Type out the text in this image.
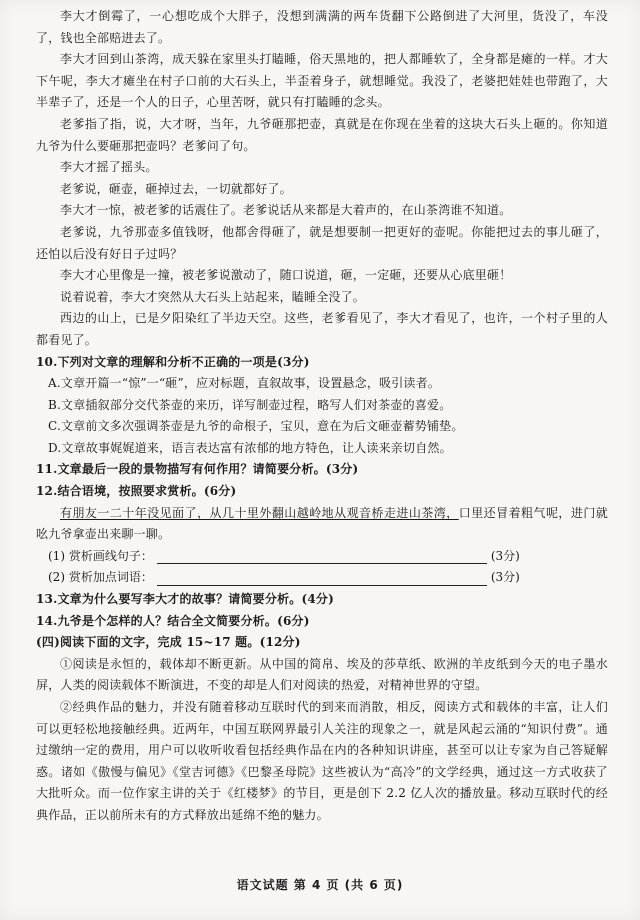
李大才倒霉了，一心想吃成个大胖子，没想到满满的两车货翻下公路倒进了大河里，货没了，车没了，钱也全部赔进去了。

李大才回到山茶湾，成天躲在家里头打瞌睡，俗天黑地的，把人都睡软了，全身都是瘫的一样。才大下午呢，李大才瘫坐在村子口前的大石头上，半歪着身子，就想睡觉。我没了，老婆把娃娃也带跑了，大半辈子了，还是一个人的日子，心里苦呀，就只有打瞌睡的念头。

老爹指了指，说，大才呀，当年，九爷砸那把壶，真就是在你现在坐着的这块大石头上砸的。你知道九爷为什么要砸那把壶吗？老爹问了句。

李大才摇了摇头。

老爹说，砸壶，砸掉过去，一切就都好了。

李大才一惊，被老爹的话震住了。老爹说话从来都是大着声的，在山茶湾谁不知道。

老爹说，九爷那壶多值钱呀，他都舍得砸了，就是想要制一把更好的壶呢。你能把过去的事儿砸了，还怕以后没有好日子过吗？

李大才心里像是一撞，被老爹说激动了，随口说道，砸，一定砸，还要从心底里砸！

说着说着，李大才突然从大石头上站起来，瞌睡全没了。

西边的山上，已是夕阳染红了半边天空。这些，老爹看见了，李大才看见了，也许，一个村子里的人都看见了。

10.下列对文章的理解和分析不正确的一项是(3分)

A.文章开篇一“惊”一“砸”，应对标题，直叙故事，设置悬念，吸引读者。

B.文章插叙部分交代茶壶的来历，详写制壶过程，略写人们对茶壶的喜爱。

C.文章前文多次强调茶壶是九爷的命根子，宝贝，意在为后文砸壶蓄势铺垫。

D.文章故事娓娓道来，语言表达富有浓郁的地方特色，让人读来亲切自然。

11.文章最后一段的景物描写有何作用？请简要分析。(3分)

12.结合语境，按照要求赏析。(6分)

有朋友一二十年没见面了，从几十里外翻山越岭地从观音桥走进山茶湾，口里还冒着粗气呢，进门就吆九爷拿壶出来聊一聊。

(1) 赏析画线句子：	(3分)
(2) 赏析加点词语：	(3分)

13.文章为什么要写李大才的故事？请简要分析。(4分)

14.九爷是个怎样的人？结合全文简要分析。(6分)

(四)阅读下面的文字，完成 15~17 题。(12分)

①阅读是永恒的，载体却不断更新。从中国的简帛、埃及的莎草纸、欧洲的羊皮纸到今天的电子墨水屏，人类的阅读载体不断演进，不变的却是人们对阅读的热爱，对精神世界的守望。

②经典作品的魅力，并没有随着移动互联时代的到来而消散，相反，阅读方式和载体的丰富，让人们可以更轻松地接触经典。近两年，中国互联网界最引人关注的现象之一，就是风起云涌的“知识付费”。通过缴纳一定的费用，用户可以收听收看包括经典作品在内的各种知识讲座，甚至可以让专家为自己答疑解惑。诸如《傲慢与偏见》《堂吉诃德》《巴黎圣母院》这些被认为“高冷”的文学经典，通过这一方式收获了大批听众。而一位作家主讲的关于《红楼梦》的节目，更是创下 2.2 亿人次的播放量。移动互联时代的经典作品，正以前所未有的方式释放出延绵不绝的魅力。

语文试题 第 4 页 (共 6 页)
